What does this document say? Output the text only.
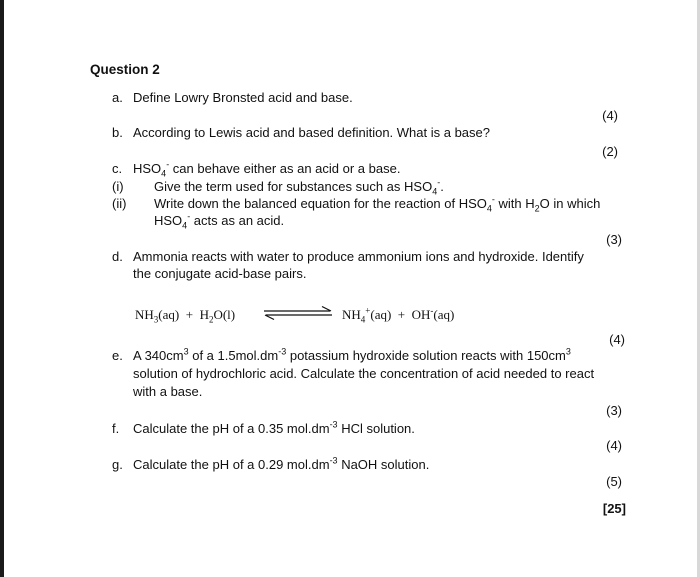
Question 2
a. Define Lowry Bronsted acid and base.
(4)
b. According to Lewis acid and based definition. What is a base?
(2)
c. $HSO_4^-$ can behave either as an acid or a base.
(i) Give the term used for substances such as $HSO_4^-$.
(ii) Write down the balanced equation for the reaction of $HSO_4^-$ with $H_2O$ in which
$HSO_4^-$ acts as an acid.
(3)
d. Ammonia reacts with water to produce ammonium ions and hydroxide. Identify
the conjugate acid-base pairs.
$NH_3(aq) + H_2O(l)$	$NH_4^+(aq) + OH^-(aq)$
(4)
e. A $340cm^3$ of a $1.5mol.dm^{-3}$ potassium hydroxide solution reacts with $150cm^3$
solution of hydrochloric acid. Calculate the concentration of acid needed to react
with a base.
(3)
f. Calculate the pH of a 0.35 $mol.dm^{-3}$ HCl solution.
(4)
g. Calculate the pH of a 0.29 $mol.dm^{-3}$ NaOH solution.
(5)
[25]
